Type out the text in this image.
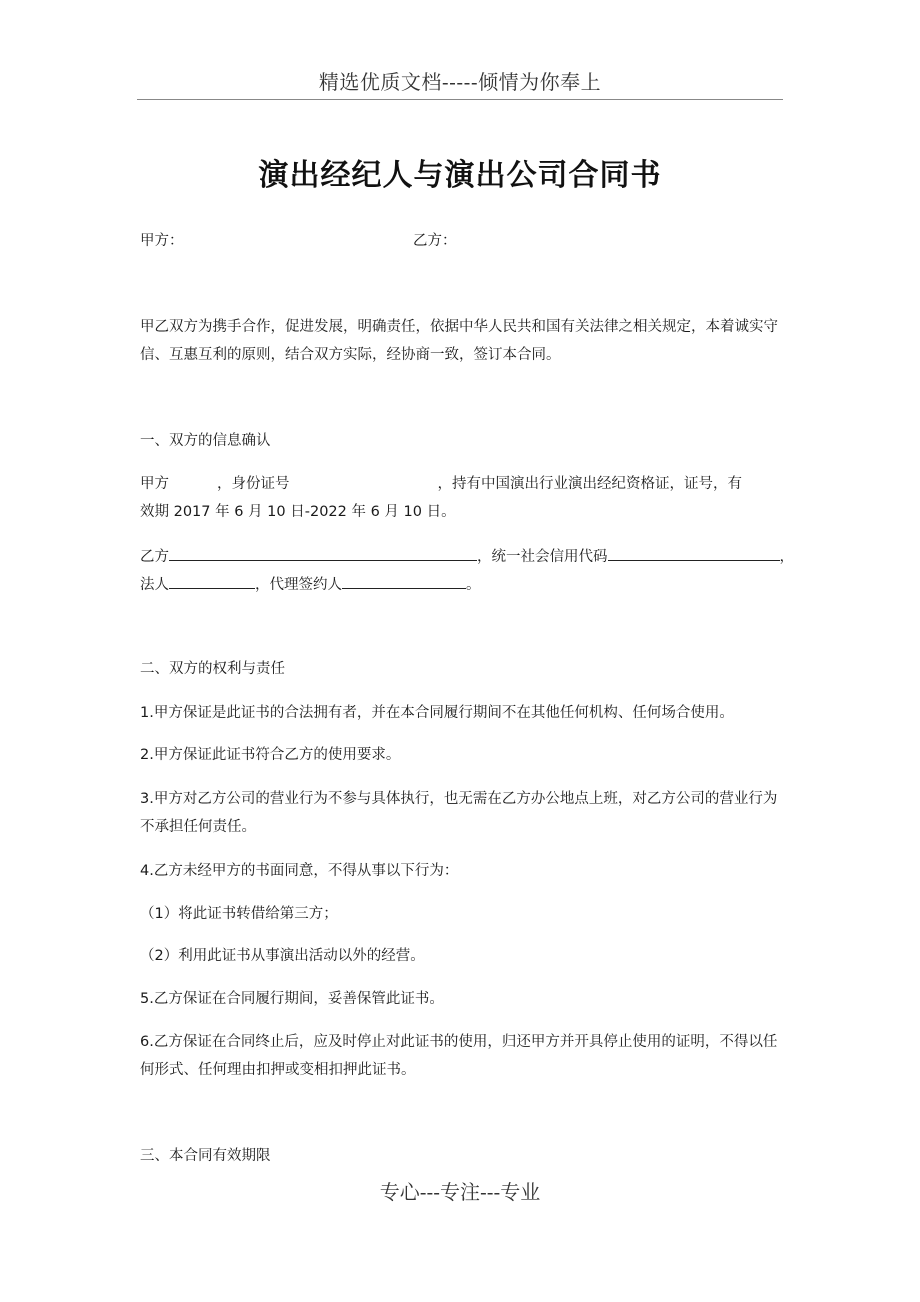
精选优质文档-----倾情为你奉上
演出经纪人与演出公司合同书
甲方：	乙方：
甲乙双方为携手合作，促进发展，明确责任，依据中华人民共和国有关法律之相关规定，本着诚实守信、互惠互利的原则，结合双方实际，经协商一致，签订本合同。
一、双方的信息确认
甲方	，身份证号	，持有中国演出行业演出经纪资格证，证号，有
效期 2017 年 6 月 10 日-2022 年 6 月 10 日。
乙方	，统一社会信用代码	，
法人	，代理签约人	。
二、双方的权利与责任
1.甲方保证是此证书的合法拥有者，并在本合同履行期间不在其他任何机构、任何场合使用。
2.甲方保证此证书符合乙方的使用要求。
3.甲方对乙方公司的营业行为不参与具体执行，也无需在乙方办公地点上班，对乙方公司的营业行为不承担任何责任。
4.乙方未经甲方的书面同意，不得从事以下行为：
（1）将此证书转借给第三方；
（2）利用此证书从事演出活动以外的经营。
5.乙方保证在合同履行期间，妥善保管此证书。
6.乙方保证在合同终止后，应及时停止对此证书的使用，归还甲方并开具停止使用的证明，不得以任何形式、任何理由扣押或变相扣押此证书。
三、本合同有效期限
专心---专注---专业
